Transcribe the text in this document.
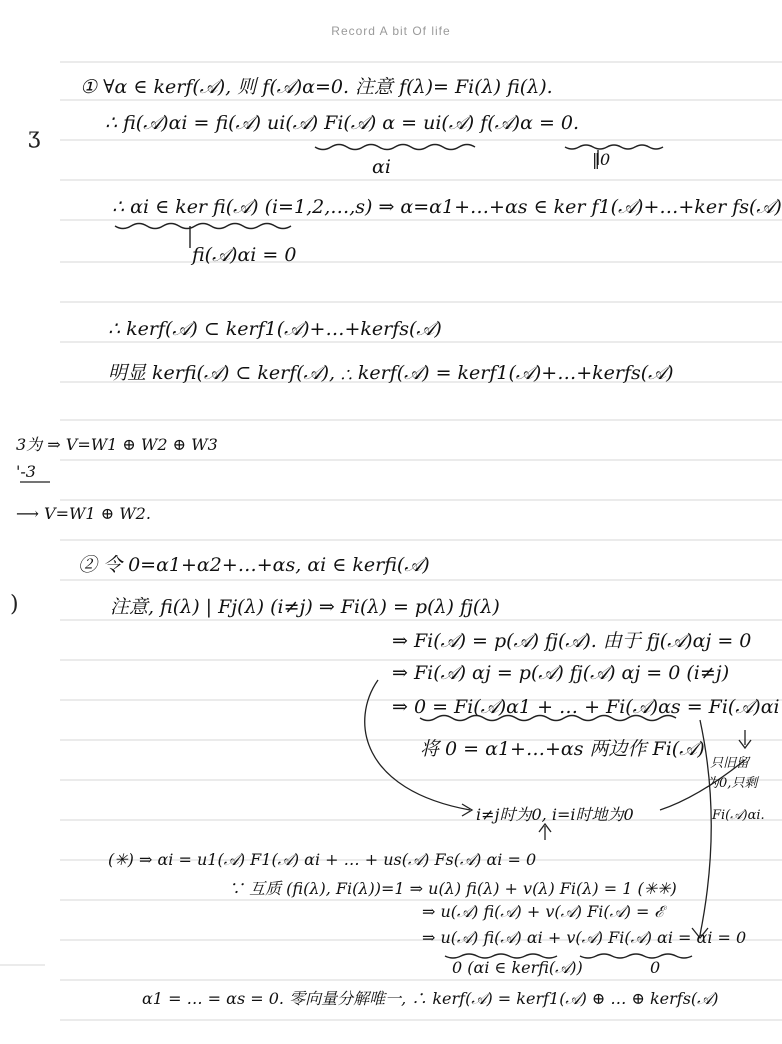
Record A bit Of life
ʒ
)
① ∀α ∈ kerf(𝒜), 则 f(𝒜)α=0. 注意 f(λ)= Fi(λ) fi(λ).
∴ fi(𝒜)αi = fi(𝒜) ui(𝒜) Fi(𝒜) α = ui(𝒜) f(𝒜)α = 0.
αi	‖0
∴ αi ∈ ker fi(𝒜) (i=1,2,…,s) ⇒ α=α1+…+αs ∈ ker f1(𝒜)+…+ker fs(𝒜)
fi(𝒜)αi = 0
∴ kerf(𝒜) ⊂ kerf1(𝒜)+…+kerfs(𝒜)
明显 kerfi(𝒜) ⊂ kerf(𝒜), ∴ kerf(𝒜) = kerf1(𝒜)+…+kerfs(𝒜)
3为 ⇒ V=W1 ⊕ W2 ⊕ W3
'-3
⟶ V=W1 ⊕ W2.
② 令 0=α1+α2+…+αs, αi ∈ kerfi(𝒜)
注意, fi(λ) | Fj(λ) (i≠j) ⇒ Fi(λ) = p(λ) fj(λ)
⇒ Fi(𝒜) = p(𝒜) fj(𝒜). 由于 fj(𝒜)αj = 0
⇒ Fi(𝒜) αj = p(𝒜) fj(𝒜) αj = 0 (i≠j)
⇒ 0 = Fi(𝒜)α1 + … + Fi(𝒜)αs = Fi(𝒜)αi
将 0 = α1+…+αs 两边作 Fi(𝒜)
只旧留
为0,只剩
Fi(𝒜)αi.
i≠j时为0, i=i时地为0
(✳) ⇒ αi = u1(𝒜) F1(𝒜) αi + … + us(𝒜) Fs(𝒜) αi = 0
∵ 互质 (fi(λ), Fi(λ))=1 ⇒ u(λ) fi(λ) + v(λ) Fi(λ) = 1 (✳✳)
⇒ u(𝒜) fi(𝒜) + v(𝒜) Fi(𝒜) = ℰ
⇒ u(𝒜) fi(𝒜) αi + v(𝒜) Fi(𝒜) αi = αi = 0
0 (αi ∈ kerfi(𝒜))	0
α1 = … = αs = 0. 零向量分解唯一, ∴ kerf(𝒜) = kerf1(𝒜) ⊕ … ⊕ kerfs(𝒜)
